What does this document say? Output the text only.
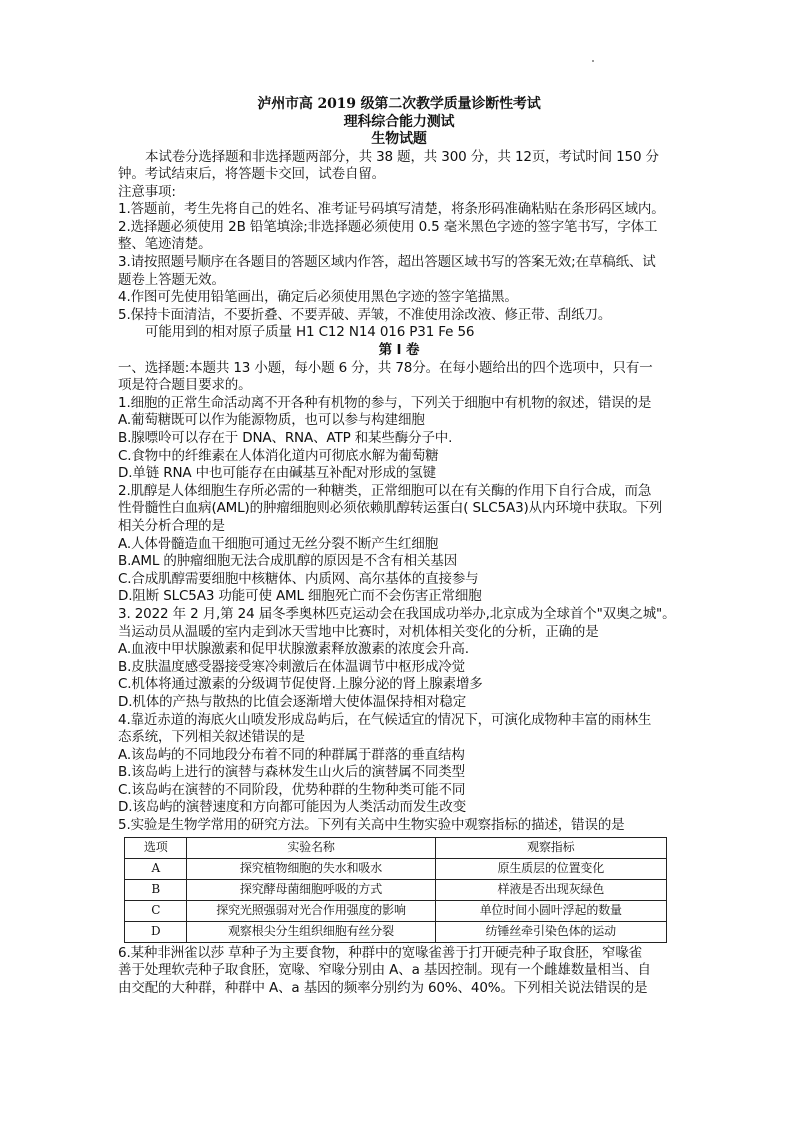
泸州市高 2019 级第二次教学质量诊断性考试
理科综合能力测试
生物试题

本试卷分选择题和非选择题两部分，共 38 题，共 300 分，共 12页，考试时间 150 分

钟。考试结束后，将答题卡交回，试卷自留。

注意事项:

1.答题前，考生先将自己的姓名、准考证号码填写清楚，将条形码准确粘贴在条形码区域内。

2.选择题必须使用 2B 铅笔填涂;非选择题必须使用 0.5 毫米黑色字迹的签字笔书写，字体工

整、笔迹清楚。

3.请按照题号顺序在各题目的答题区域内作答，超出答题区域书写的答案无效;在草稿纸、试

题卷上答题无效。

4.作图可先使用铅笔画出，确定后必须使用黑色字迹的签字笔描黑。

5.保持卡面清洁，不要折叠、不要弄破、弄皱，不准使用涂改液、修正带、刮纸刀。

可能用到的相对原子质量 H1 C12 N14 016 P31 Fe 56

第 I 卷

一、选择题:本题共 13 小题，每小题 6 分，共 78分。在每小题给出的四个选项中，只有一

项是符合题目要求的。

1.细胞的正常生命活动离不开各种有机物的参与，下列关于细胞中有机物的叙述，错误的是

A.葡萄糖既可以作为能源物质，也可以参与构建细胞

B.腺嘌呤可以存在于 DNA、RNA、ATP 和某些酶分子中.

C.食物中的纤维素在人体消化道内可彻底水解为葡萄糖

D.单链 RNA 中也可能存在由碱基互补配对形成的氢键

2.肌醇是人体细胞生存所必需的一种糖类，正常细胞可以在有关酶的作用下自行合成，而急

性骨髓性白血病(AML)的肿瘤细胞则必须依赖肌醇转运蛋白( SLC5A3)从内环境中获取。下列

相关分析合理的是

A.人体骨髓造血干细胞可通过无丝分裂不断产生红细胞

B.AML 的肿瘤细胞无法合成肌醇的原因是不含有相关基因

C.合成肌醇需要细胞中核糖体、内质网、高尔基体的直接参与

D.阻断 SLC5A3 功能可使 AML 细胞死亡而不会伤害正常细胞

3. 2022 年 2 月,第 24 届冬季奥林匹克运动会在我国成功举办,北京成为全球首个"双奥之城"。

当运动员从温暖的室内走到冰天雪地中比赛时，对机体相关变化的分析，正确的是

A.血液中甲状腺激素和促甲状腺激素释放激素的浓度会升高.

B.皮肤温度感受器接受寒冷刺激后在体温调节中枢形成冷觉

C.机体将通过激素的分级调节促使肾.上腺分泌的肾上腺素增多

D.机体的产热与散热的比值会逐渐增大使体温保持相对稳定

4.靠近赤道的海底火山喷发形成岛屿后，在气候适宜的情况下，可演化成物种丰富的雨林生

态系统，下列相关叙述错误的是

A.该岛屿的不同地段分布着不同的种群属于群落的垂直结构

B.该岛屿上进行的演替与森林发生山火后的演替属不同类型

C.该岛屿在演替的不同阶段，优势种群的生物种类可能不同

D.该岛屿的演替速度和方向都可能因为人类活动而发生改变

5.实验是生物学常用的研究方法。下列有关高中生物实验中观察指标的描述，错误的是

选项	实验名称	观察指标
A	探究植物细胞的失水和吸水	原生质层的位置变化
B	探究酵母菌细胞呼吸的方式	样液是否出现灰绿色
C	探究光照强弱对光合作用强度的影响	单位时间小圆叶浮起的数量
D	观察根尖分生组织细胞有丝分裂	纺锤丝牵引染色体的运动

6.某种非洲雀以莎 草种子为主要食物，种群中的宽喙雀善于打开硬壳种子取食胚，窄喙雀

善于处理软壳种子取食胚，宽喙、窄喙分别由 A、a 基因控制。现有一个雌雄数量相当、自

由交配的大种群，种群中 A、a 基因的频率分别约为 60%、40%。下列相关说法错误的是
